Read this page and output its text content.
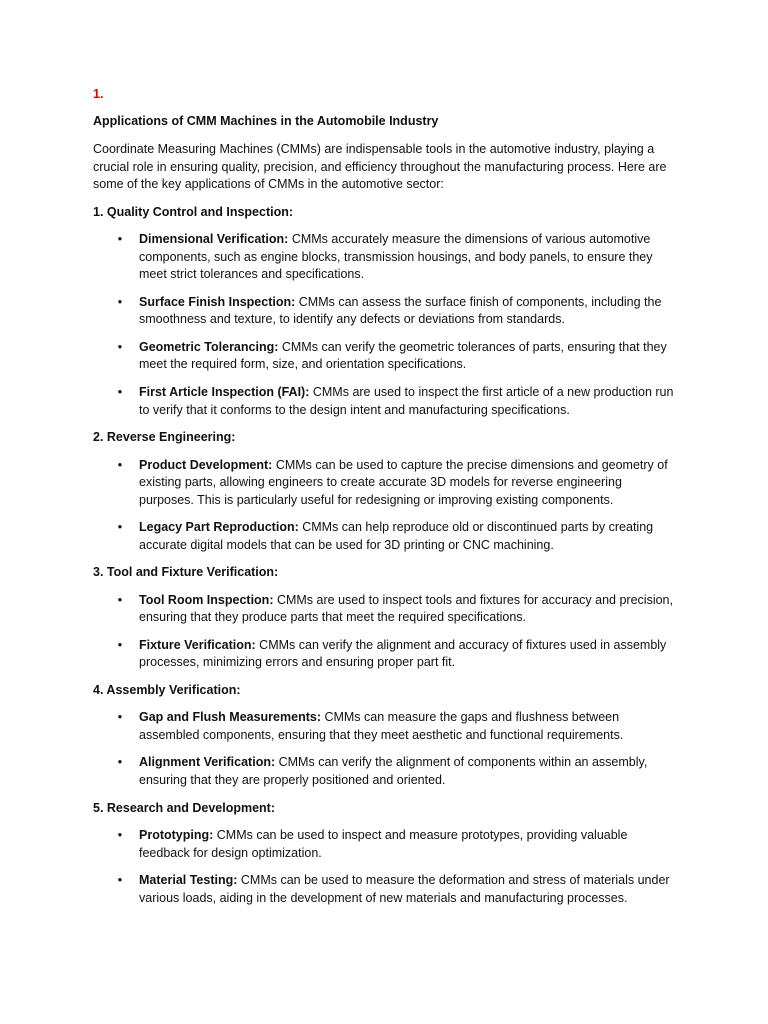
1.
Applications of CMM Machines in the Automobile Industry
Coordinate Measuring Machines (CMMs) are indispensable tools in the automotive industry, playing a crucial role in ensuring quality, precision, and efficiency throughout the manufacturing process. Here are some of the key applications of CMMs in the automotive sector:
1. Quality Control and Inspection:
• Dimensional Verification: CMMs accurately measure the dimensions of various automotive components, such as engine blocks, transmission housings, and body panels, to ensure they meet strict tolerances and specifications.
• Surface Finish Inspection: CMMs can assess the surface finish of components, including the smoothness and texture, to identify any defects or deviations from standards.
• Geometric Tolerancing: CMMs can verify the geometric tolerances of parts, ensuring that they meet the required form, size, and orientation specifications.
• First Article Inspection (FAI): CMMs are used to inspect the first article of a new production run to verify that it conforms to the design intent and manufacturing specifications.
2. Reverse Engineering:
• Product Development: CMMs can be used to capture the precise dimensions and geometry of existing parts, allowing engineers to create accurate 3D models for reverse engineering purposes. This is particularly useful for redesigning or improving existing components.
• Legacy Part Reproduction: CMMs can help reproduce old or discontinued parts by creating accurate digital models that can be used for 3D printing or CNC machining.
3. Tool and Fixture Verification:
• Tool Room Inspection: CMMs are used to inspect tools and fixtures for accuracy and precision, ensuring that they produce parts that meet the required specifications.
• Fixture Verification: CMMs can verify the alignment and accuracy of fixtures used in assembly processes, minimizing errors and ensuring proper part fit.
4. Assembly Verification:
• Gap and Flush Measurements: CMMs can measure the gaps and flushness between assembled components, ensuring that they meet aesthetic and functional requirements.
• Alignment Verification: CMMs can verify the alignment of components within an assembly, ensuring that they are properly positioned and oriented.
5. Research and Development:
• Prototyping: CMMs can be used to inspect and measure prototypes, providing valuable feedback for design optimization.
• Material Testing: CMMs can be used to measure the deformation and stress of materials under various loads, aiding in the development of new materials and manufacturing processes.
